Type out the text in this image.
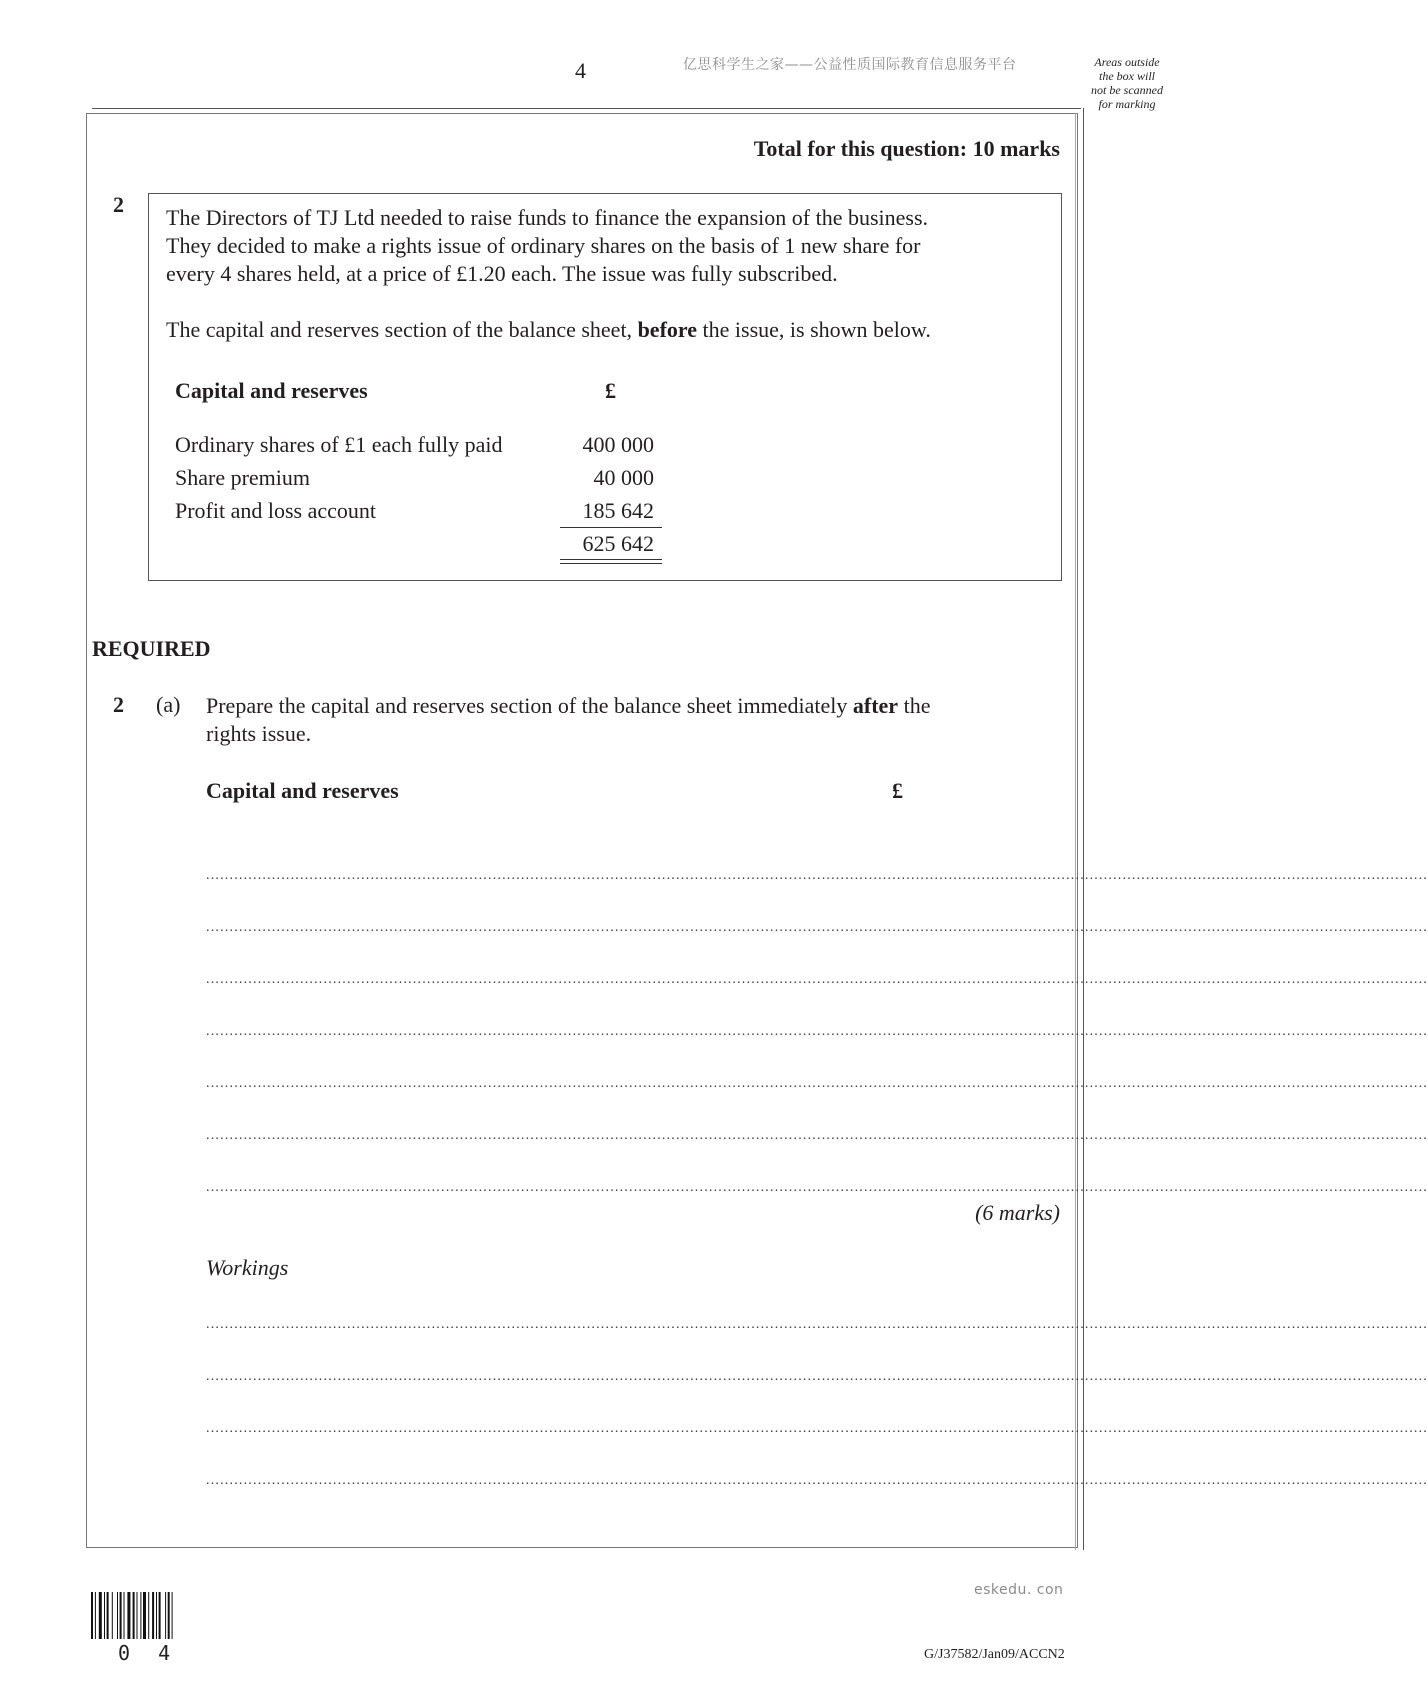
4	亿思科学生之家——公益性质国际教育信息服务平台	Areas outside
the box will
not be scanned
for marking
Total for this question: 10 marks
2
The Directors of TJ Ltd needed to raise funds to finance the expansion of the business.
They decided to make a rights issue of ordinary shares on the basis of 1 new share for
every 4 shares held, at a price of £1.20 each. The issue was fully subscribed.
The capital and reserves section of the balance sheet, before the issue, is shown below.
Capital and reserves	£
Ordinary shares of £1 each fully paid	400 000
Share premium	40 000
Profit and loss account	185 642
625 642
REQUIRED
2 (a) Prepare the capital and reserves section of the balance sheet immediately after the
rights issue.
Capital and reserves	£
....................................................................................................................................................................................................................................................................
....................................................................................................................................................................................................................................................................
....................................................................................................................................................................................................................................................................
....................................................................................................................................................................................................................................................................
....................................................................................................................................................................................................................................................................
....................................................................................................................................................................................................................................................................
....................................................................................................................................................................................................................................................................
(6 marks)
Workings
....................................................................................................................................................................................................................................................................
....................................................................................................................................................................................................................................................................
....................................................................................................................................................................................................................................................................
....................................................................................................................................................................................................................................................................
eskedu. con
0 4	G/J37582/Jan09/ACCN2
